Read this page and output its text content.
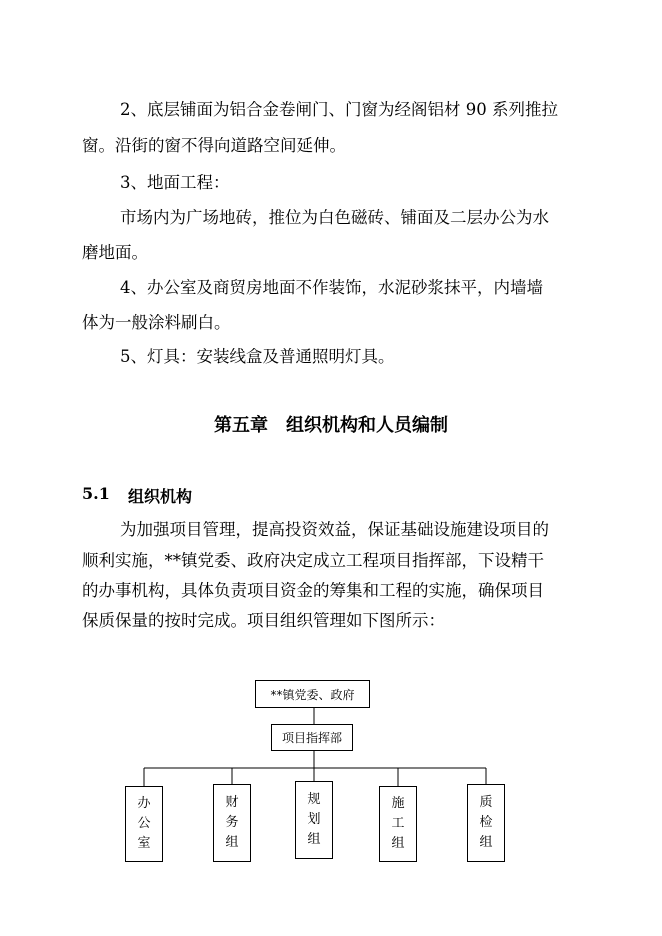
2、底层铺面为铝合金卷闸门、门窗为经阁铝材 90 系列推拉
窗。沿街的窗不得向道路空间延伸。
3、地面工程：
市场内为广场地砖，推位为白色磁砖、铺面及二层办公为水
磨地面。
4、办公室及商贸房地面不作装饰，水泥砂浆抹平，内墙墙
体为一般涂料刷白。
5、灯具：安装线盒及普通照明灯具。
第五章　组织机构和人员编制
5.1 组织机构
为加强项目管理，提高投资效益，保证基础设施建设项目的
顺利实施，**镇党委、政府决定成立工程项目指挥部，下设精干
的办事机构，具体负责项目资金的筹集和工程的实施，确保项目
保质保量的按时完成。项目组织管理如下图所示：
**镇党委、政府
项目指挥部
办
公
室
财
务
组
规
划
组
施
工
组
质
检
组
